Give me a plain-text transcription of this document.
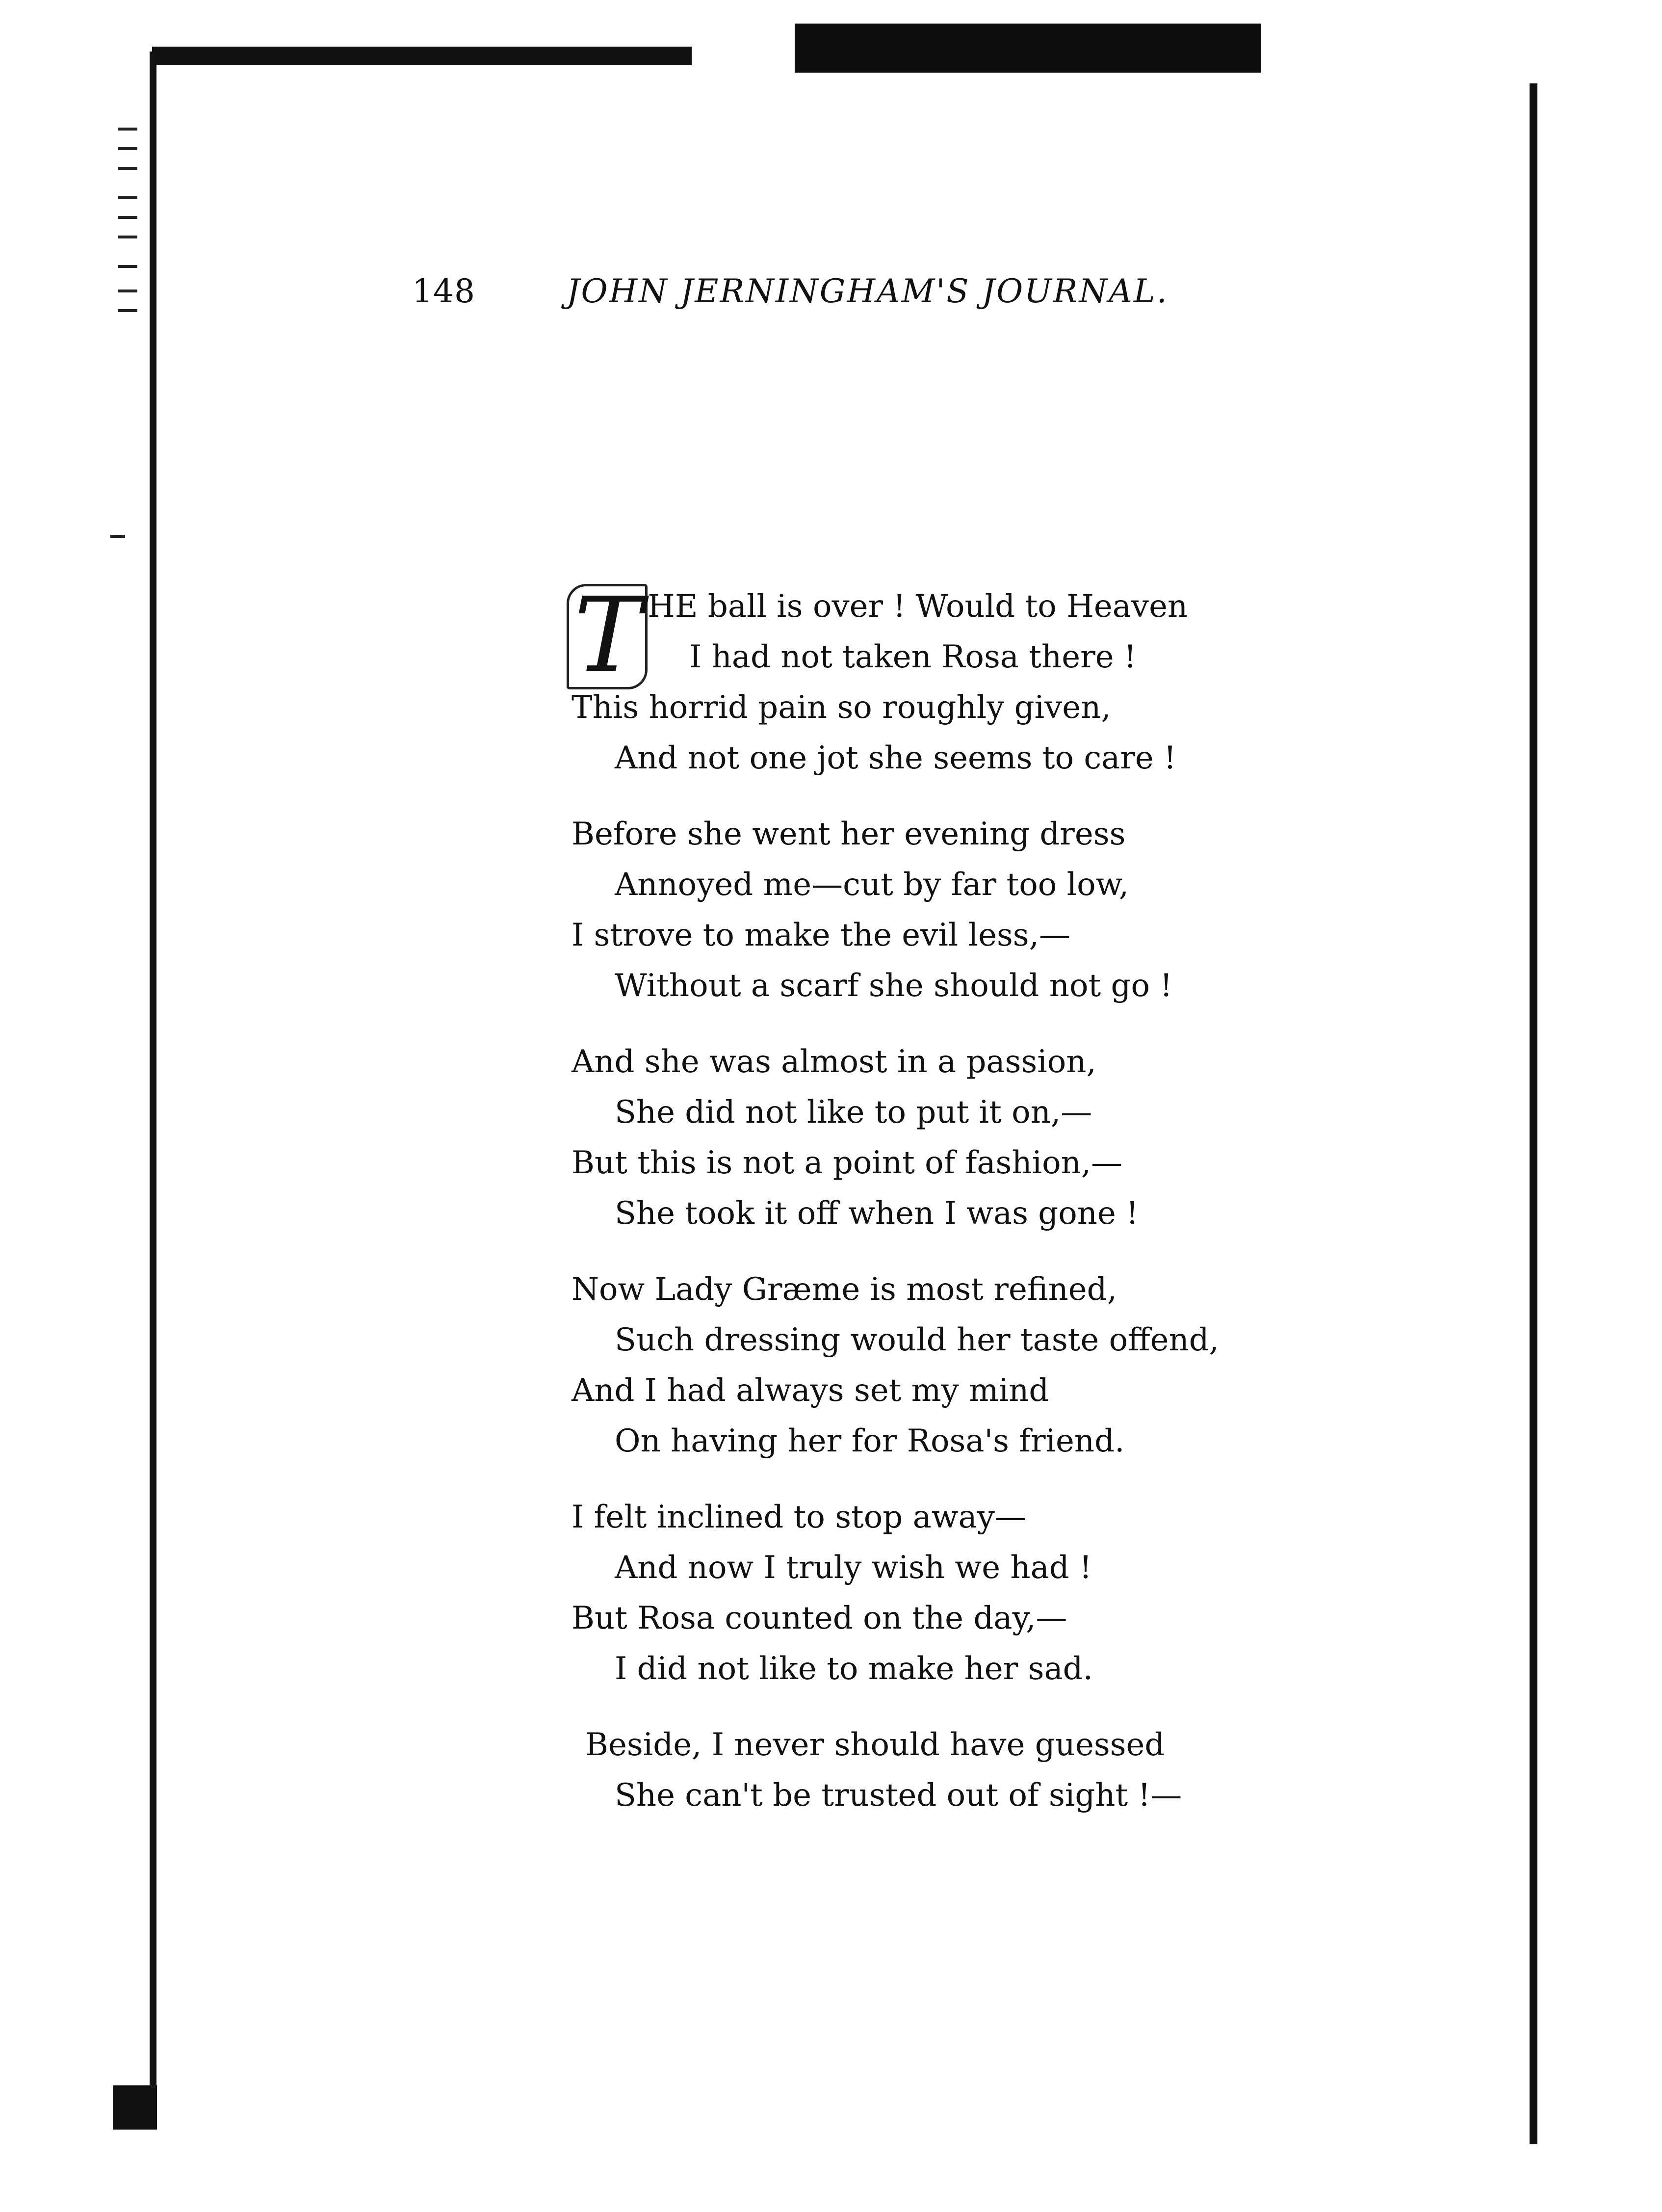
148	JOHN JERNINGHAM'S JOURNAL.
T HE ball is over ! Would to Heaven
I had not taken Rosa there !
This horrid pain so roughly given,
And not one jot she seems to care !
Before she went her evening dress
Annoyed me—cut by far too low,
I strove to make the evil less,—
Without a scarf she should not go !
And she was almost in a passion,
She did not like to put it on,—
But this is not a point of fashion,—
She took it off when I was gone !
Now Lady Græme is most refined,
Such dressing would her taste offend,
And I had always set my mind
On having her for Rosa's friend.
I felt inclined to stop away—
And now I truly wish we had !
But Rosa counted on the day,—
I did not like to make her sad.
Beside, I never should have guessed
She can't be trusted out of sight !—
